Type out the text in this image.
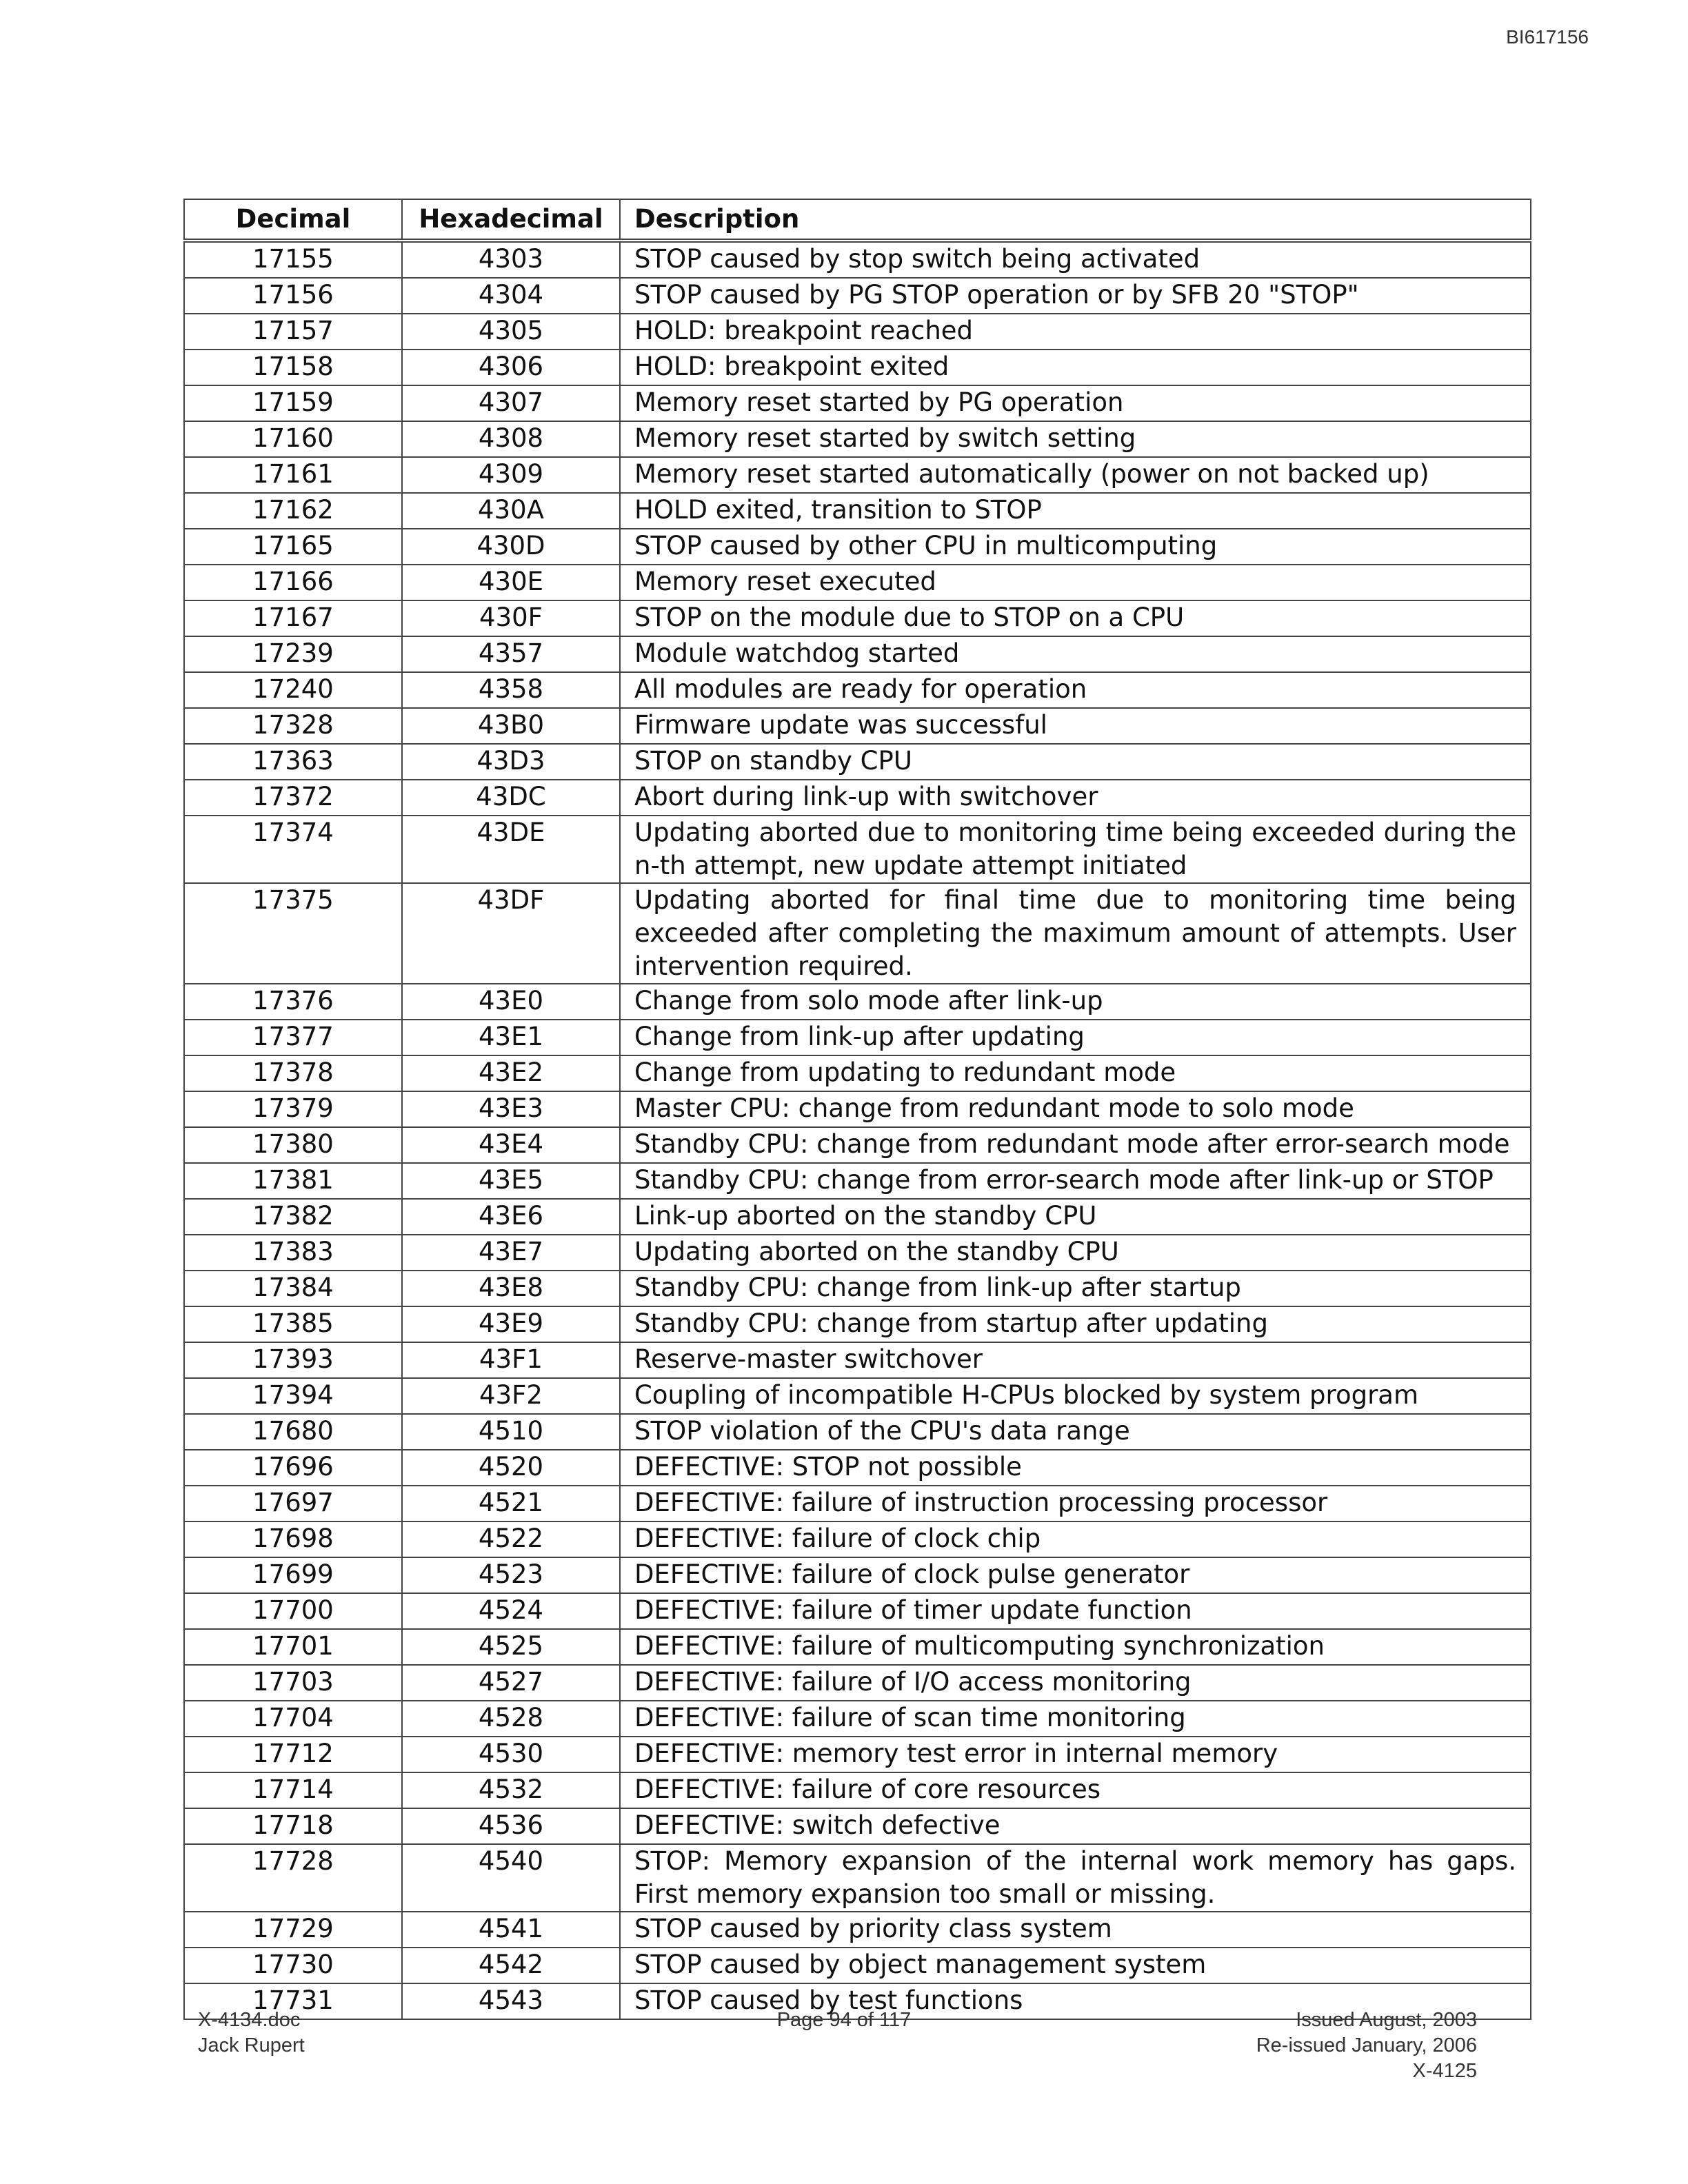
BI617156
Decimal	Hexadecimal	Description
17155	4303	STOP caused by stop switch being activated
17156	4304	STOP caused by PG STOP operation or by SFB 20 "STOP"
17157	4305	HOLD: breakpoint reached
17158	4306	HOLD: breakpoint exited
17159	4307	Memory reset started by PG operation
17160	4308	Memory reset started by switch setting
17161	4309	Memory reset started automatically (power on not backed up)
17162	430A	HOLD exited, transition to STOP
17165	430D	STOP caused by other CPU in multicomputing
17166	430E	Memory reset executed
17167	430F	STOP on the module due to STOP on a CPU
17239	4357	Module watchdog started
17240	4358	All modules are ready for operation
17328	43B0	Firmware update was successful
17363	43D3	STOP on standby CPU
17372	43DC	Abort during link-up with switchover
17374	43DE	Updating aborted due to monitoring time being exceeded during the n-th attempt, new update attempt initiated
17375	43DF	Updating aborted for final time due to monitoring time being exceeded after completing the maximum amount of attempts. User intervention required.
17376	43E0	Change from solo mode after link-up
17377	43E1	Change from link-up after updating
17378	43E2	Change from updating to redundant mode
17379	43E3	Master CPU: change from redundant mode to solo mode
17380	43E4	Standby CPU: change from redundant mode after error-search mode
17381	43E5	Standby CPU: change from error-search mode after link-up or STOP
17382	43E6	Link-up aborted on the standby CPU
17383	43E7	Updating aborted on the standby CPU
17384	43E8	Standby CPU: change from link-up after startup
17385	43E9	Standby CPU: change from startup after updating
17393	43F1	Reserve-master switchover
17394	43F2	Coupling of incompatible H-CPUs blocked by system program
17680	4510	STOP violation of the CPU's data range
17696	4520	DEFECTIVE: STOP not possible
17697	4521	DEFECTIVE: failure of instruction processing processor
17698	4522	DEFECTIVE: failure of clock chip
17699	4523	DEFECTIVE: failure of clock pulse generator
17700	4524	DEFECTIVE: failure of timer update function
17701	4525	DEFECTIVE: failure of multicomputing synchronization
17703	4527	DEFECTIVE: failure of I/O access monitoring
17704	4528	DEFECTIVE: failure of scan time monitoring
17712	4530	DEFECTIVE: memory test error in internal memory
17714	4532	DEFECTIVE: failure of core resources
17718	4536	DEFECTIVE: switch defective
17728	4540	STOP: Memory expansion of the internal work memory has gaps. First memory expansion too small or missing.
17729	4541	STOP caused by priority class system
17730	4542	STOP caused by object management system
17731	4543	STOP caused by test functions
X-4134.doc
Jack Rupert
Page 94 of 117	Issued August, 2003
Re-issued January, 2006
X-4125
